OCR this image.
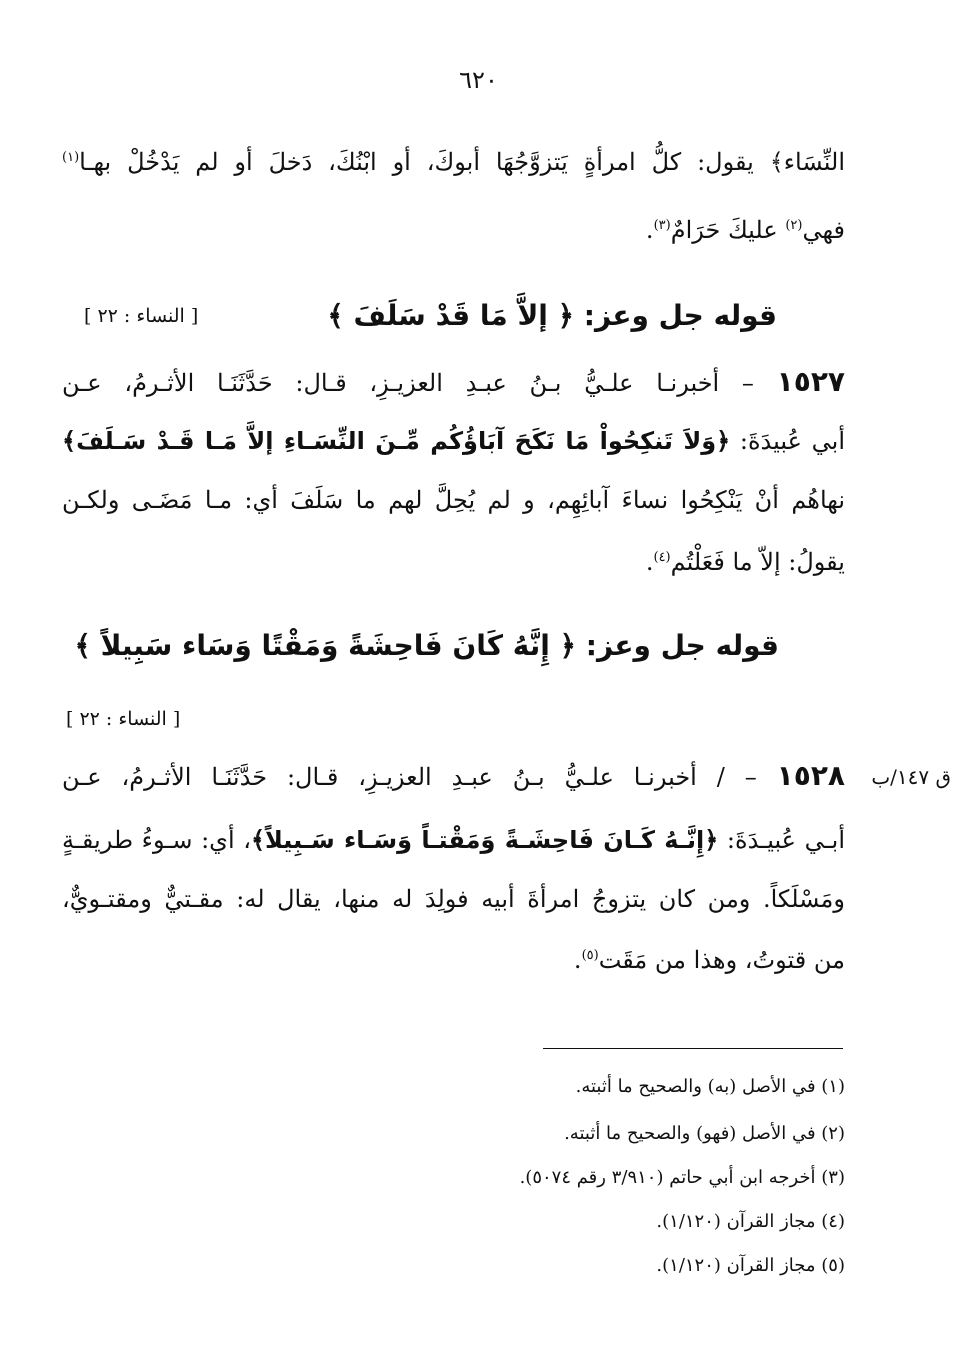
٦٢٠
النِّسَاء﴾ يقول: كلُّ امرأةٍ يَتزوَّجُهَا أبوكَ، أو ابْنُكَ، دَخلَ أو لم يَدْخُلْ بهـا$^{(١)}$
فهي$^{(٢)}$ عليكَ حَرَامٌ$^{(٣)}$.
قوله جل وعز: ﴿ إلاَّ مَا قَدْ سَلَفَ ﴾
[ النساء : ٢٢ ]
١٥٢٧ – أخبرنـا علـيُّ بـنُ عبـدِ العزيـزِ، قـال: حَدَّثَنَـا الأثـرمُ، عـن
أبي عُبيدَةَ: ﴿وَلاَ تَنكِحُواْ مَا نَكَحَ آبَاؤُكُم مِّـنَ النِّسَـاءِ إلاَّ مَـا قَـدْ سَـلَفَ﴾
نهاهُم أنْ يَنْكِحُوا نساءَ آبائِهِم، و لم يُحِلَّ لهم ما سَلَفَ أي: مـا مَضَـى ولكـن
يقولُ: إلاّ ما فَعَلْتُم$^{(٤)}$.
قوله جل وعز: ﴿ إِنَّهُ كَانَ فَاحِشَةً وَمَقْتًا وَسَاء سَبِيلاً ﴾
[ النساء : ٢٢ ]
ق ١٤٧/ب
١٥٢٨ – / أخبرنـا علـيُّ بـنُ عبـدِ العزيـزِ، قـال: حَدَّثَنَـا الأثـرمُ، عـن
أبـي عُبيـدَةَ: ﴿إِنَّـهُ كَـانَ فَاحِشَـةً وَمَقْتـاً وَسَـاء سَـبِيلاً﴾، أي: سـوءُ طريقـةٍ
ومَسْلَكاً. ومن كان يتزوجُ امرأةَ أبيه فولِدَ له منها، يقال له: مقـتيٌّ ومقتـويٌّ،
من قتوتُ، وهذا من مَقَت$^{(٥)}$.
(١) في الأصل (به) والصحيح ما أثبته.
(٢) في الأصل (فهو) والصحيح ما أثبته.
(٣) أخرجه ابن أبي حاتم (٣/٩١٠ رقم ٥٠٧٤).
(٤) مجاز القرآن (١/١٢٠).
(٥) مجاز القرآن (١/١٢٠).
